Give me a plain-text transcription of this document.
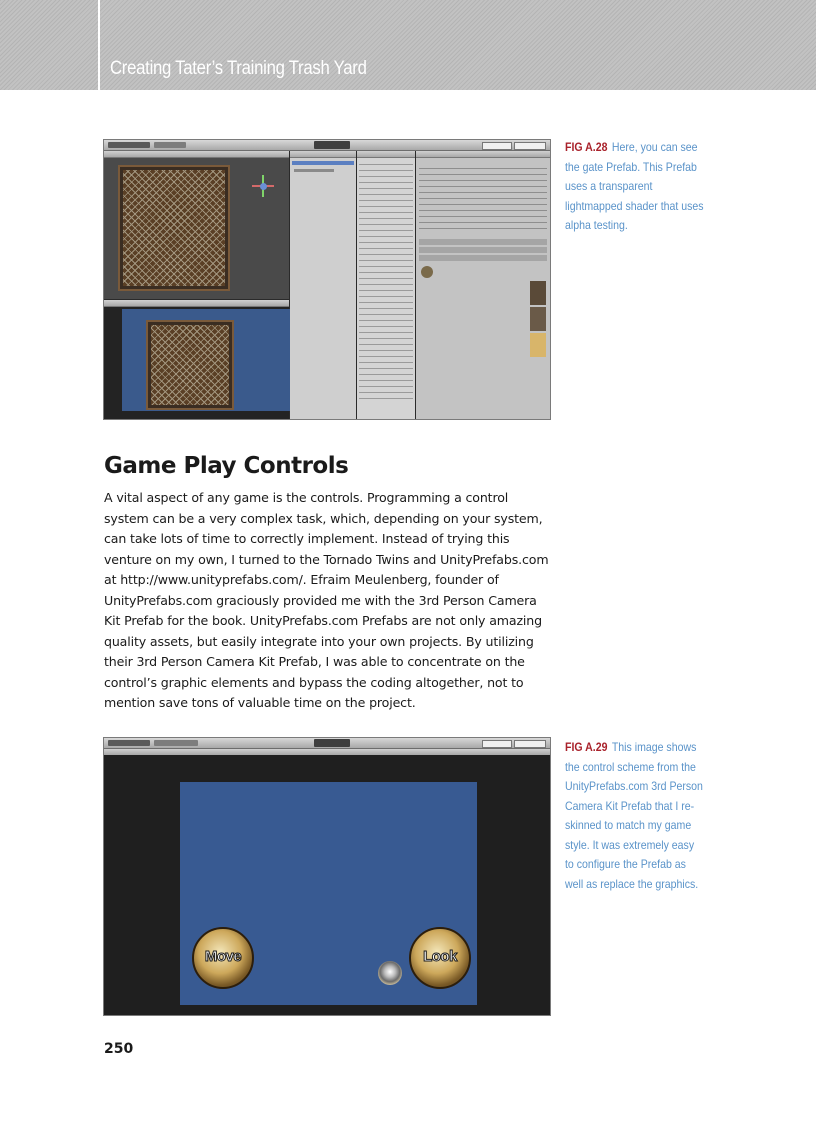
Creating Tater’s Training Trash Yard
FIG A.28 Here, you can see the gate Prefab. This Prefab uses a transparent lightmapped shader that uses alpha testing.
Game Play Controls
A vital aspect of any game is the controls. Programming a control system can be a very complex task, which, depending on your system, can take lots of time to correctly implement. Instead of trying this venture on my own, I turned to the Tornado Twins and UnityPrefabs.com at http://www.unityprefabs.com/. Efraim Meulenberg, founder of UnityPrefabs.com graciously provided me with the 3rd Person Camera Kit Prefab for the book. UnityPrefabs.com Prefabs are not only amazing quality assets, but easily integrate into your own projects. By utilizing their 3rd Person Camera Kit Prefab, I was able to concentrate on the control’s graphic elements and bypass the coding altogether, not to mention save tons of valuable time on the project.
Move	Look
FIG A.29 This image shows the control scheme from the UnityPrefabs.com 3rd Person Camera Kit Prefab that I re-skinned to match my game style. It was extremely easy to configure the Prefab as well as replace the graphics.
250
